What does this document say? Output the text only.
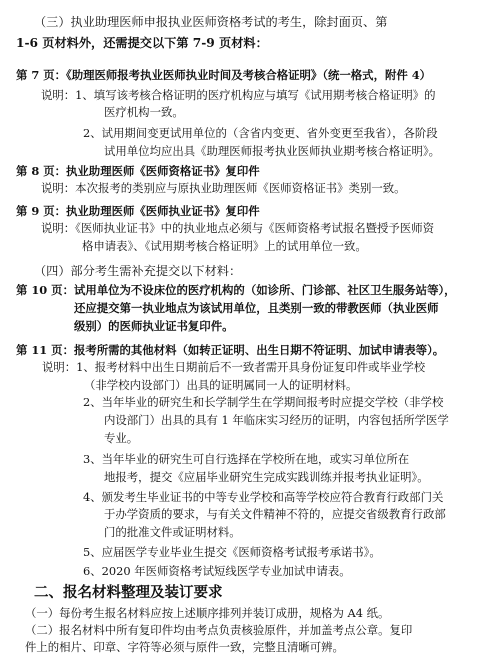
（三）执业助理医师申报执业医师资格考试的考生，除封面页、第
1-6 页材料外，还需提交以下第 7-9 页材料：
第 7 页：《助理医师报考执业医师执业时间及考核合格证明》（统一格式，附件 4）
说明：1、填写该考核合格证明的医疗机构应与填写《试用期考核合格证明》的
医疗机构一致。
2、试用期间变更试用单位的（含省内变更、省外变更至我省），各阶段
试用单位均应出具《助理医师报考执业医师执业期考核合格证明》。
第 8 页：执业助理医师《医师资格证书》复印件
说明：本次报考的类别应与原执业助理医师《医师资格证书》类别一致。
第 9 页：执业助理医师《医师执业证书》复印件
说明：《医师执业证书》中的执业地点必须与《医师资格考试报名暨授予医师资
格申请表》、《试用期考核合格证明》上的试用单位一致。
（四）部分考生需补充提交以下材料：
第 10 页：试用单位为不设床位的医疗机构的（如诊所、门诊部、社区卫生服务站等），
还应提交第一执业地点为该试用单位，且类别一致的带教医师（执业医师
级别）的医师执业证书复印件。
第 11 页：报考所需的其他材料（如转正证明、出生日期不符证明、加试申请表等）。
说明：1、报考材料中出生日期前后不一致者需开具身份证复印件或毕业学校
（非学校内设部门）出具的证明属同一人的证明材料。
2、当年毕业的研究生和长学制学生在学期间报考时应提交学校（非学校
内设部门）出具的具有 1 年临床实习经历的证明，内容包括所学医学
专业。
3、当年毕业的研究生可自行选择在学校所在地，或实习单位所在
地报考，提交《应届毕业研究生完成实践训练并报考执业证明》。
4、颁发考生毕业证书的中等专业学校和高等学校应符合教育行政部门关
于办学资质的要求，与有关文件精神不符的，应提交省级教育行政部
门的批准文件或证明材料。
5、应届医学专业毕业生提交《医师资格考试报考承诺书》。
6、2020 年医师资格考试短线医学专业加试申请表。
二、报名材料整理及装订要求
（一）每份考生报名材料应按上述顺序排列并装订成册，规格为 A4 纸。
（二）报名材料中所有复印件均由考点负责核验原件，并加盖考点公章。复印
件上的相片、印章、字符等必须与原件一致，完整且清晰可辨。
